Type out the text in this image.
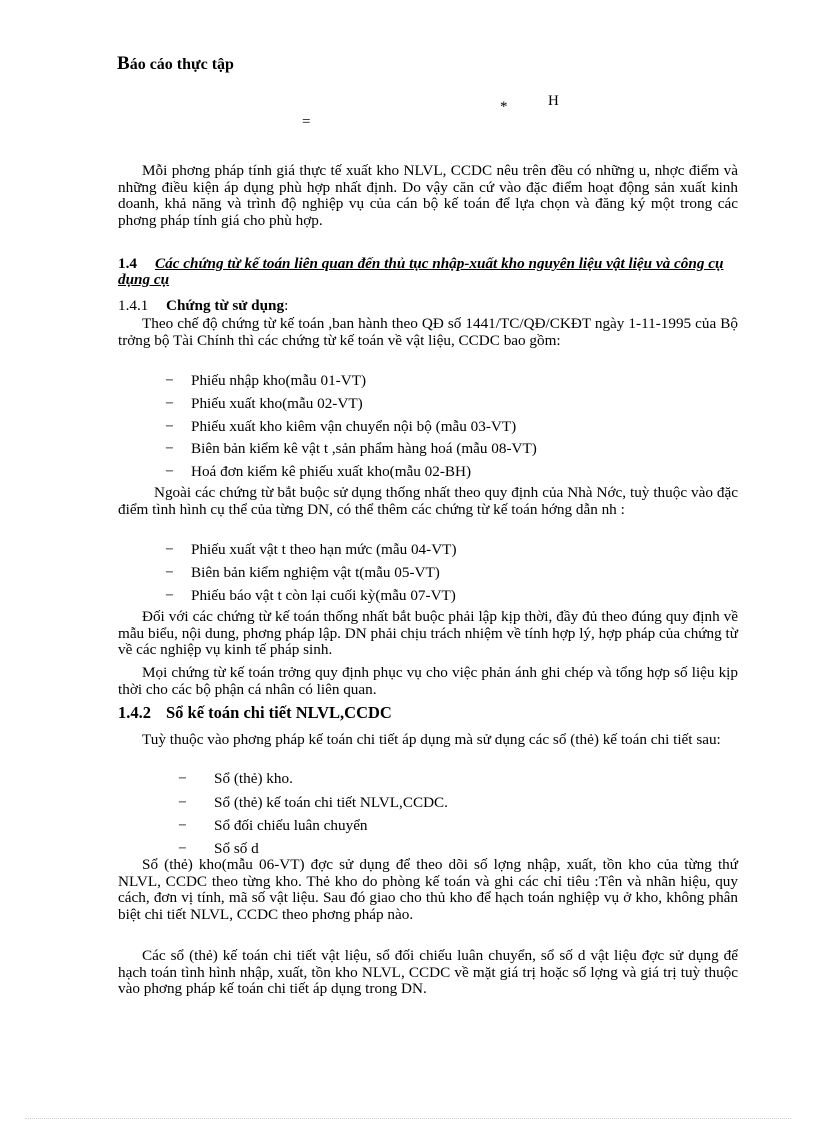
Báo cáo thực tập
*	H
=
Mỗi phơng pháp tính giá thực tế xuất kho NLVL, CCDC nêu trên đều có những u, nhợc điểm và những điều kiện áp dụng phù hợp nhất định. Do vậy căn cứ vào đặc điểm hoạt động sản xuất kinh doanh, khả năng và trình độ nghiệp vụ của cán bộ kế toán để lựa chọn và đăng ký một trong các phơng pháp tính giá cho phù hợp.
1.4 Các chứng từ kế toán liên quan đến thủ tục nhập-xuất kho nguyên liệu vật liệu và công cụ dụng cụ
1.4.1 Chứng từ sử dụng:
Theo chế độ chứng từ kế toán ,ban hành theo QĐ số 1441/TC/QĐ/CKĐT ngày 1-11-1995 của Bộ trởng bộ Tài Chính thì các chứng từ kế toán về vật liệu, CCDC bao gồm:
− Phiếu nhập kho(mẫu 01-VT)
− Phiếu xuất kho(mẫu 02-VT)
− Phiếu xuất kho kiêm vận chuyển nội bộ (mẫu 03-VT)
− Biên bản kiểm kê vật t ,sản phẩm hàng hoá (mẫu 08-VT)
− Hoá đơn kiểm kê phiếu xuất kho(mẫu 02-BH)
Ngoài các chứng từ bắt buộc sử dụng thống nhất theo quy định của Nhà Nớc, tuỳ thuộc vào đặc điểm tình hình cụ thể của từng DN, có thể thêm các chứng từ kế toán hớng dẫn nh :
− Phiếu xuất vật t theo hạn mức (mẫu 04-VT)
− Biên bản kiểm nghiệm vật t(mẫu 05-VT)
− Phiếu báo vật t còn lại cuối kỳ(mẫu 07-VT)
Đối với các chứng từ kế toán thống nhất bắt buộc phải lập kịp thời, đầy đủ theo đúng quy định về mẫu biểu, nội dung, phơng pháp lập. DN phải chịu trách nhiệm về tính hợp lý, hợp pháp của chứng từ về các nghiệp vụ kinh tế pháp sinh.
Mọi chứng từ kế toán trởng quy định phục vụ cho việc phản ánh ghi chép và tổng hợp số liệu kịp thời cho các bộ phận cá nhân có liên quan.
1.4.2 Sổ kế toán chi tiết NLVL,CCDC
Tuỳ thuộc vào phơng pháp kế toán chi tiết áp dụng mà sử dụng các sổ (thẻ) kế toán chi tiết sau:
− Sổ (thẻ) kho.
− Sổ (thẻ) kế toán chi tiết NLVL,CCDC.
− Sổ đối chiếu luân chuyển
− Sổ số d
Sổ (thẻ) kho(mẫu 06-VT) đợc sử dụng để theo dõi số lợng nhập, xuất, tồn kho của từng thứ NLVL, CCDC theo từng kho. Thẻ kho do phòng kế toán và ghi các chỉ tiêu :Tên và nhãn hiệu, quy cách, đơn vị tính, mã số vật liệu. Sau đó giao cho thủ kho để hạch toán nghiệp vụ ở kho, không phân biệt chi tiết NLVL, CCDC theo phơng pháp nào.
Các sổ (thẻ) kế toán chi tiết vật liệu, sổ đối chiếu luân chuyển, sổ số d vật liệu đợc sử dụng để hạch toán tình hình nhập, xuất, tồn kho NLVL, CCDC về mặt giá trị hoặc số lợng và giá trị tuỳ thuộc vào phơng pháp kế toán chi tiết áp dụng trong DN.
